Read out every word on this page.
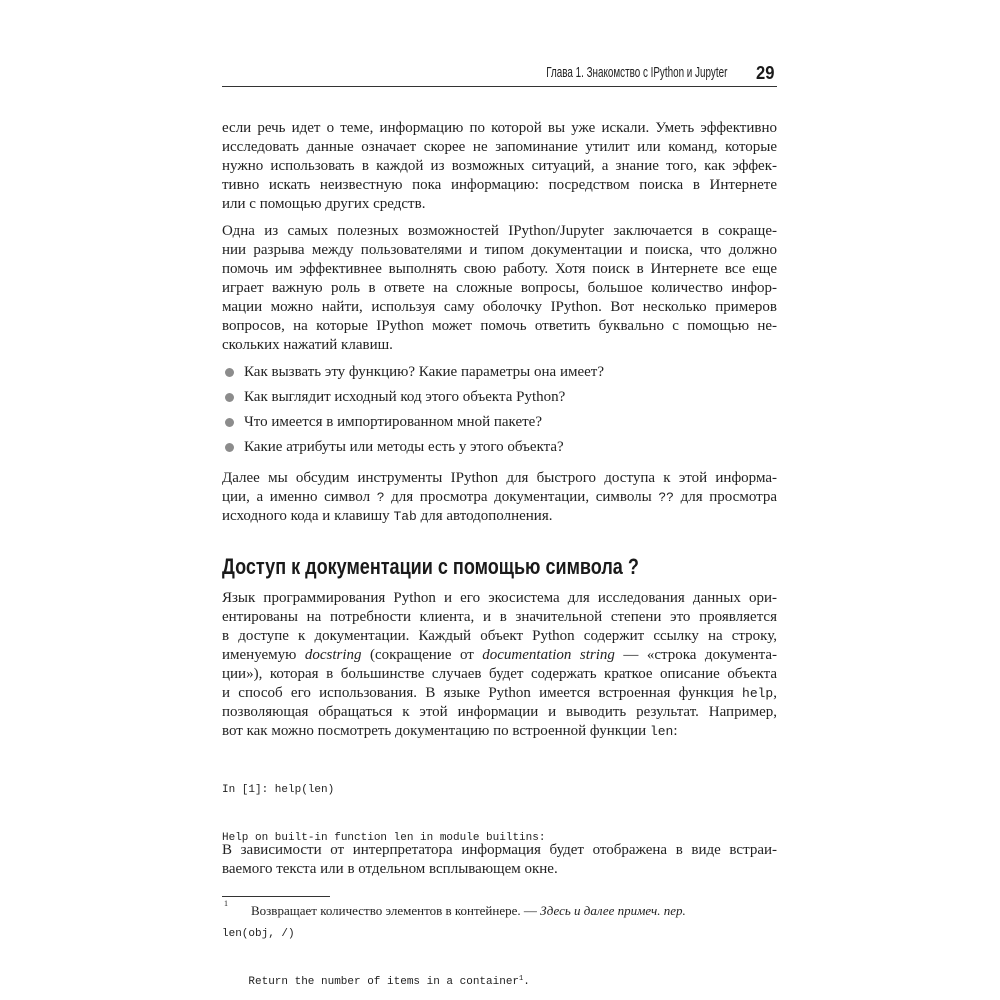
Глава 1. Знакомство с IPython и Jupyter 29
если речь идет о теме, информацию по которой вы уже искали. Уметь эффективно
исследовать данные означает скорее не запоминание утилит или команд, которые
нужно использовать в каждой из возможных ситуаций, а знание того, как эффек-
тивно искать неизвестную пока информацию: посредством поиска в Интернете
или с помощью других средств.
Одна из самых полезных возможностей IPython/Jupyter заключается в сокраще-
нии разрыва между пользователями и типом документации и поиска, что должно
помочь им эффективнее выполнять свою работу. Хотя поиск в Интернете все еще
играет важную роль в ответе на сложные вопросы, большое количество инфор-
мации можно найти, используя саму оболочку IPython. Вот несколько примеров
вопросов, на которые IPython может помочь ответить буквально с помощью не-
скольких нажатий клавиш.
Как вызвать эту функцию? Какие параметры она имеет?
Как выглядит исходный код этого объекта Python?
Что имеется в импортированном мной пакете?
Какие атрибуты или методы есть у этого объекта?
Далее мы обсудим инструменты IPython для быстрого доступа к этой информа-
ции, а именно символ ? для просмотра документации, символы ?? для просмотра
исходного кода и клавишу Tab для автодополнения.
Доступ к документации с помощью символа ?
Язык программирования Python и его экосистема для исследования данных ори-
ентированы на потребности клиента, и в значительной степени это проявляется
в доступе к документации. Каждый объект Python содержит ссылку на строку,
именуемую docstring (сокращение от documentation string — «строка документа-
ции»), которая в большинстве случаев будет содержать краткое описание объекта
и способ его использования. В языке Python имеется встроенная функция help,
позволяющая обращаться к этой информации и выводить результат. Например,
вот как можно посмотреть документацию по встроенной функции len:

In [1]: help(len)

Help on built-in function len in module builtins:

len(obj, /)

Return the number of items in a container$^1$.

В зависимости от интерпретатора информация будет отображена в виде встраи-
ваемого текста или в отдельном всплывающем окне.
1	Возвращает количество элементов в контейнере. — Здесь и далее примеч. пер.
